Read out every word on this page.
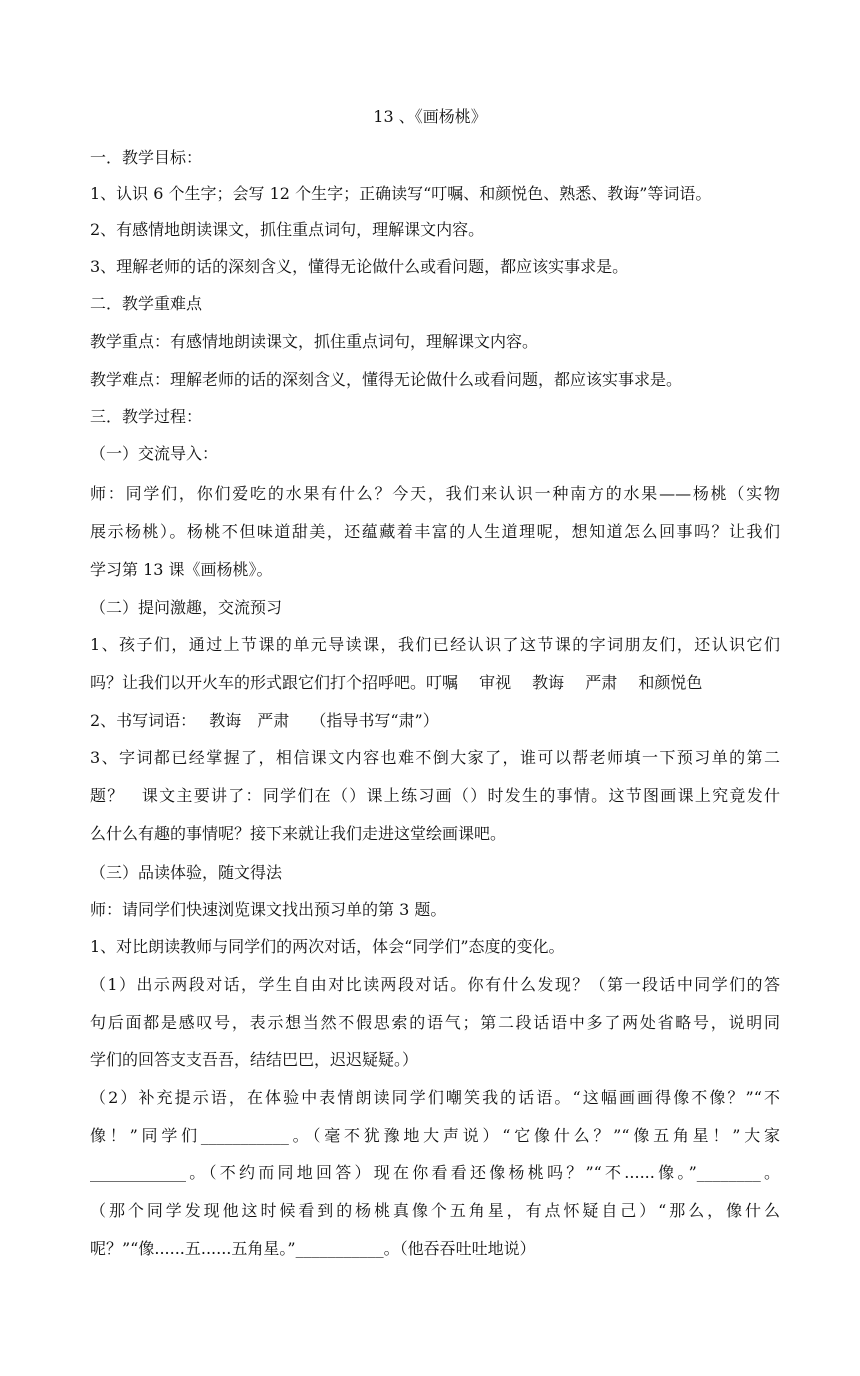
13 、《画杨桃》
一．教学目标：
1、认识 6 个生字；会写 12 个生字；正确读写“叮嘱、和颜悦色、熟悉、教诲”等词语。
2、有感情地朗读课文，抓住重点词句，理解课文内容。
3、理解老师的话的深刻含义，懂得无论做什么或看问题，都应该实事求是。
二．教学重难点
教学重点：有感情地朗读课文，抓住重点词句，理解课文内容。
教学难点：理解老师的话的深刻含义，懂得无论做什么或看问题，都应该实事求是。
三．教学过程：
（一）交流导入：
师：同学们，你们爱吃的水果有什么？今天，我们来认识一种南方的水果——杨桃（实物
展示杨桃）。杨桃不但味道甜美，还蕴藏着丰富的人生道理呢，想知道怎么回事吗？让我们
学习第 13 课《画杨桃》。
（二）提问激趣，交流预习
1、孩子们，通过上节课的单元导读课，我们已经认识了这节课的字词朋友们，还认识它们
吗？让我们以开火车的形式跟它们打个招呼吧。叮嘱　 审视　 教诲　 严肃　 和颜悦色
2、书写词语：　 教诲　严肃　 （指导书写“肃”）
3、字词都已经掌握了，相信课文内容也难不倒大家了，谁可以帮老师填一下预习单的第二
题？　课文主要讲了：同学们在（）课上练习画（）时发生的事情。这节图画课上究竟发什
么什么有趣的事情呢？接下来就让我们走进这堂绘画课吧。
（三）品读体验，随文得法
师：请同学们快速浏览课文找出预习单的第 3 题。
1、对比朗读教师与同学们的两次对话，体会“同学们”态度的变化。
（1）出示两段对话，学生自由对比读两段对话。你有什么发现？（第一段话中同学们的答
句后面都是感叹号，表示想当然不假思索的语气；第二段话语中多了两处省略号，说明同
学们的回答支支吾吾，结结巴巴，迟迟疑疑。）
（2）补充提示语，在体验中表情朗读同学们嘲笑我的话语。“这幅画画得像不像？”“不
像！”同学们___________。（毫不犹豫地大声说）“它像什么？”“像五角星！”大家
____________。（不约而同地回答）现在你看看还像杨桃吗？”“不......像。”________。
（那个同学发现他这时候看到的杨桃真像个五角星，有点怀疑自己）“那么，像什么
呢？”“像......五......五角星。”___________。（他吞吞吐吐地说）
